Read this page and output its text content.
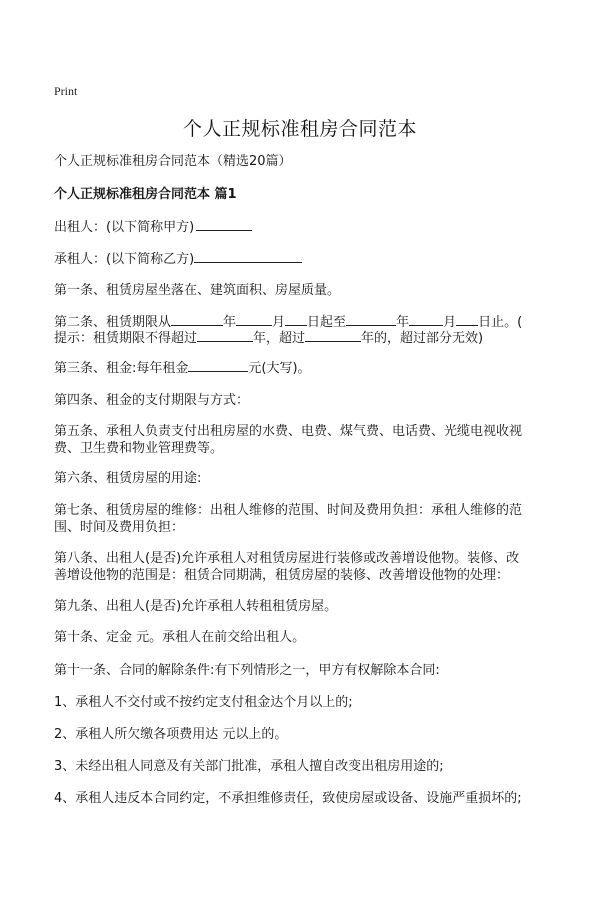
Print
个人正规标准租房合同范本
个人正规标准租房合同范本（精选20篇）
个人正规标准租房合同范本 篇1
出租人：(以下简称甲方)
承租人：(以下简称乙方)
第一条、租赁房屋坐落在、建筑面积、房屋质量。
第二条、租赁期限从	年	月 日起至	年	月 日止。(
提示：租赁期限不得超过	年，超过	年的，超过部分无效)
第三条、租金:每年租金	元(大写)。
第四条、租金的支付期限与方式：
第五条、承租人负责支付出租房屋的水费、电费、煤气费、电话费、光缆电视收视
费、卫生费和物业管理费等。
第六条、租赁房屋的用途:
第七条、租赁房屋的维修：出租人维修的范围、时间及费用负担：承租人维修的范
围、时间及费用负担：
第八条、出租人(是否)允许承租人对租赁房屋进行装修或改善增设他物。装修、改
善增设他物的范围是：租赁合同期满，租赁房屋的装修、改善增设他物的处理：
第九条、出租人(是否)允许承租人转租租赁房屋。
第十条、定金 元。承租人在前交给出租人。
第十一条、合同的解除条件:有下列情形之一，甲方有权解除本合同:
1、承租人不交付或不按约定支付租金达个月以上的;
2、承租人所欠缴各项费用达 元以上的。
3、未经出租人同意及有关部门批准，承租人擅自改变出租房用途的;
4、承租人违反本合同约定，不承担维修责任，致使房屋或设备、设施严重损坏的;
